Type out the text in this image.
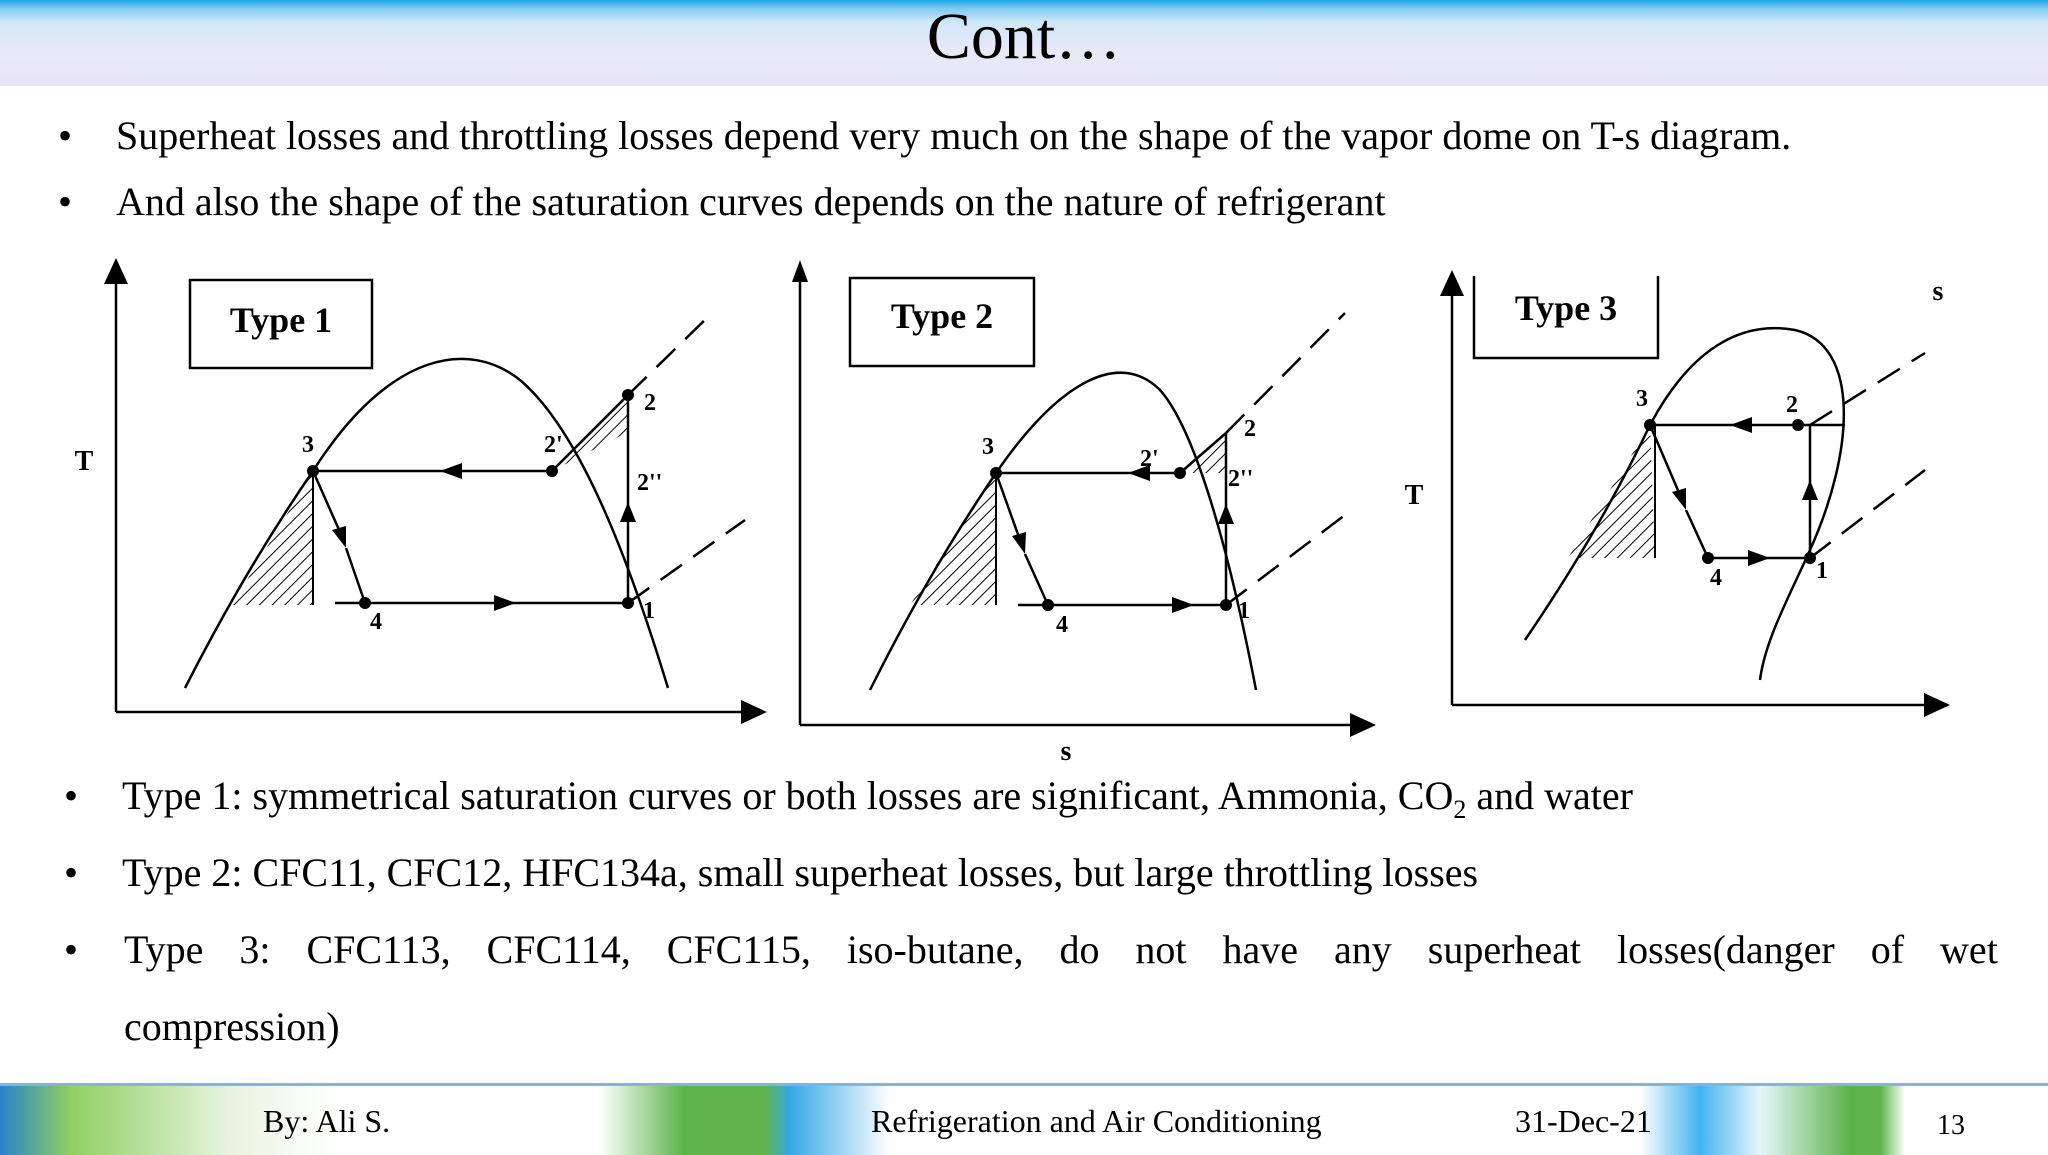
Cont…
•	Superheat losses and throttling losses depend very much on the shape of the vapor dome on T-s diagram.
•	And also the shape of the saturation curves depends on the nature of refrigerant
Type 1
T
3	2'
2
2''
1
4
Type 2
s
3	2'
2
2''
1
4
Type 3
T
s
3	2
1
4
•	Type 1: symmetrical saturation curves or both losses are significant, Ammonia, $CO_2$ and water
•	Type 2: CFC11, CFC12, HFC134a, small superheat losses, but large throttling losses
•	Type 3: CFC113, CFC114, CFC115, iso-butane, do not have any superheat losses(danger of wet
compression)
By: Ali S.	Refrigeration and Air Conditioning	31-Dec-21	13
